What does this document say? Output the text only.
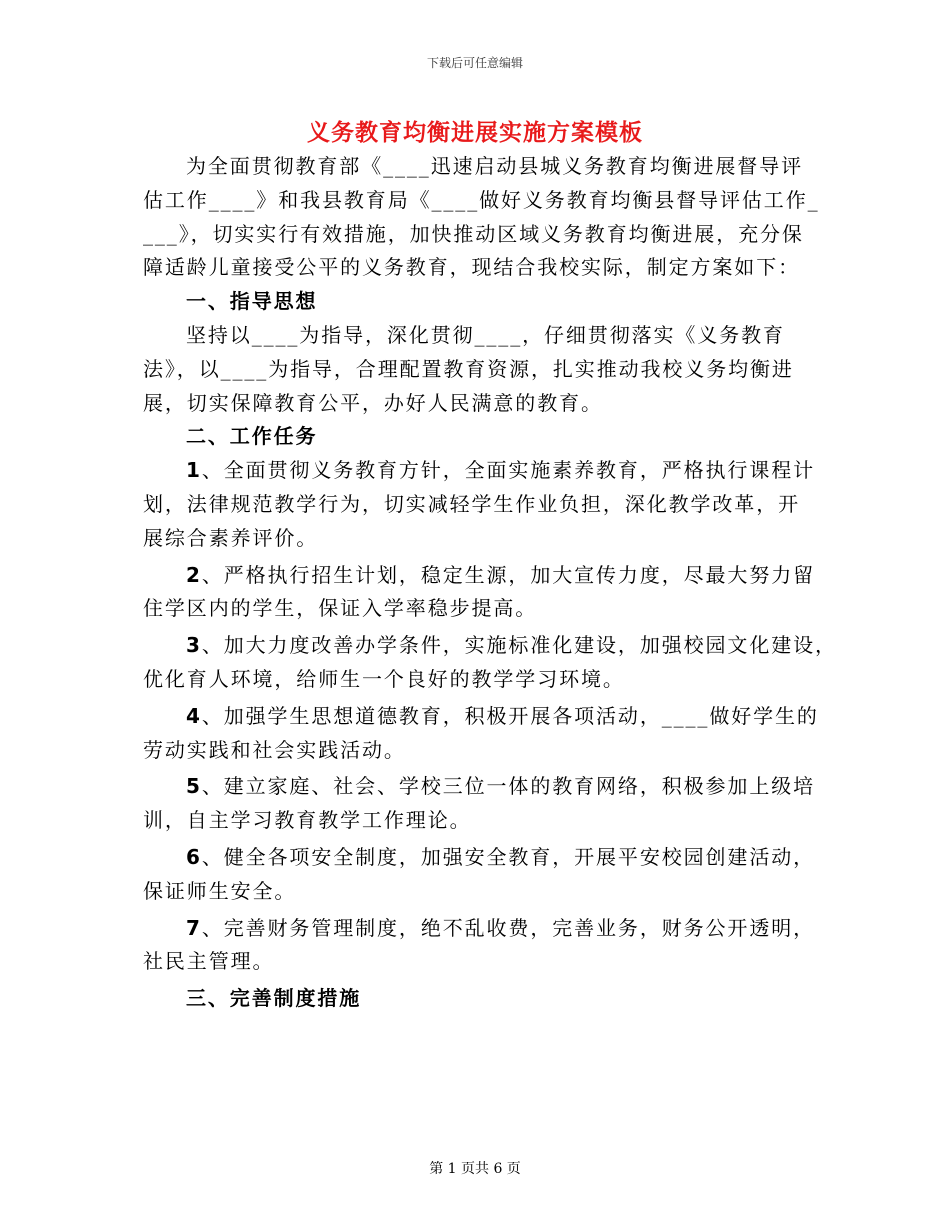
下载后可任意编辑
义务教育均衡进展实施方案模板
为全面贯彻教育部《____迅速启动县城义务教育均衡进展督导评
估工作____》和我县教育局《____做好义务教育均衡县督导评估工作_
___》，切实实行有效措施，加快推动区域义务教育均衡进展，充分保
障适龄儿童接受公平的义务教育，现结合我校实际，制定方案如下：
一、指导思想
坚持以____为指导，深化贯彻____，仔细贯彻落实《义务教育
法》，以____为指导，合理配置教育资源，扎实推动我校义务均衡进
展，切实保障教育公平，办好人民满意的教育。
二、工作任务
1、全面贯彻义务教育方针，全面实施素养教育，严格执行课程计
划，法律规范教学行为，切实减轻学生作业负担，深化教学改革，开
展综合素养评价。
2、严格执行招生计划，稳定生源，加大宣传力度，尽最大努力留
住学区内的学生，保证入学率稳步提高。
3、加大力度改善办学条件，实施标准化建设，加强校园文化建设，
优化育人环境，给师生一个良好的教学学习环境。
4、加强学生思想道德教育，积极开展各项活动，____做好学生的
劳动实践和社会实践活动。
5、建立家庭、社会、学校三位一体的教育网络，积极参加上级培
训，自主学习教育教学工作理论。
6、健全各项安全制度，加强安全教育，开展平安校园创建活动，
保证师生安全。
7、完善财务管理制度，绝不乱收费，完善业务，财务公开透明，
社民主管理。
三、完善制度措施
第 1 页共 6 页
